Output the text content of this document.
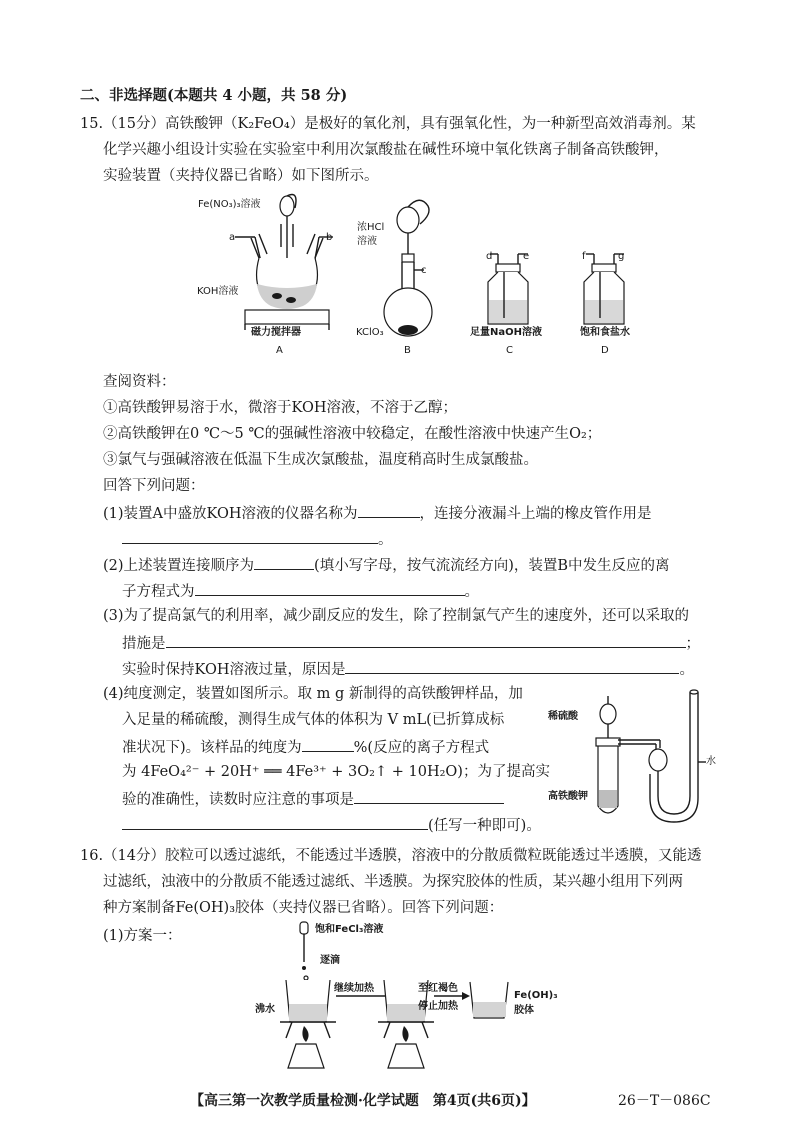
二、非选择题(本题共 4 小题，共 58 分)
15.（15分）高铁酸钾（K₂FeO₄）是极好的氧化剂，具有强氧化性，为一种新型高效消毒剂。某
化学兴趣小组设计实验在实验室中利用次氯酸盐在碱性环境中氧化铁离子制备高铁酸钾，
实验装置（夹持仪器已省略）如下图所示。
Fe(NO₃)₃溶液
a	b
KOH溶液
磁力搅拌器
A
浓HCl
溶液
c
KClO₃
B
d	e
足量NaOH溶液
C
f	g
饱和食盐水
D
查阅资料：
①高铁酸钾易溶于水，微溶于KOH溶液，不溶于乙醇；
②高铁酸钾在0 ℃～5 ℃的强碱性溶液中较稳定，在酸性溶液中快速产生O₂；
③氯气与强碱溶液在低温下生成次氯酸盐，温度稍高时生成氯酸盐。
回答下列问题：
(1)装置A中盛放KOH溶液的仪器名称为	，连接分液漏斗上端的橡皮管作用是
。
(2)上述装置连接顺序为	(填小写字母，按气流流经方向)，装置B中发生反应的离
子方程式为	。
(3)为了提高氯气的利用率，减少副反应的发生，除了控制氯气产生的速度外，还可以采取的
措施是	；
实验时保持KOH溶液过量，原因是	。
(4)纯度测定，装置如图所示。取 m g 新制得的高铁酸钾样品，加
入足量的稀硫酸，测得生成气体的体积为 V mL(已折算成标
准状况下)。该样品的纯度为	%(反应的离子方程式
为 4FeO₄²⁻ + 20H⁺ ══ 4Fe³⁺ + 3O₂↑ + 10H₂O)；为了提高实
验的准确性，读数时应注意的事项是
(任写一种即可)。
稀硫酸
水
高铁酸钾
16.（14分）胶粒可以透过滤纸，不能透过半透膜，溶液中的分散质微粒既能透过半透膜，又能透
过滤纸，浊液中的分散质不能透过滤纸、半透膜。为探究胶体的性质，某兴趣小组用下列两
种方案制备Fe(OH)₃胶体（夹持仪器已省略）。回答下列问题：
(1)方案一：	饱和FeCl₃溶液
逐滴
沸水
继续加热	至红褐色
停止加热
Fe(OH)₃
胶体
【高三第一次教学质量检测·化学试题　第4页(共6页)】	26－T－086C
